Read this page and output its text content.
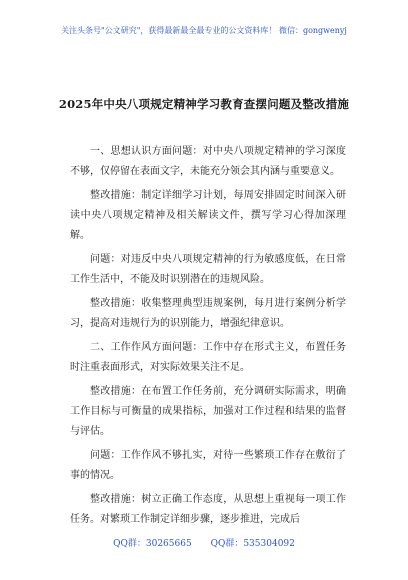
关注头条号"公文研究"，获得最新最全最专业的公文资料库！ 微信：gongwenyj
2025年中央八项规定精神学习教育查摆问题及整改措施

一、思想认识方面问题：对中央八项规定精神的学习深度不够，仅停留在表面文字，未能充分领会其内涵与重要意义。

整改措施：制定详细学习计划，每周安排固定时间深入研读中央八项规定精神及相关解读文件，撰写学习心得加深理解。

问题：对违反中央八项规定精神的行为敏感度低，在日常工作生活中，不能及时识别潜在的违规风险。

整改措施：收集整理典型违规案例，每月进行案例分析学习，提高对违规行为的识别能力，增强纪律意识。

二、工作作风方面问题：工作中存在形式主义，布置任务时注重表面形式，对实际效果关注不足。

整改措施：在布置工作任务前，充分调研实际需求，明确工作目标与可衡量的成果指标，加强对工作过程和结果的监督与评估。

问题：工作作风不够扎实，对待一些繁琐工作存在敷衍了事的情况。

整改措施：树立正确工作态度，从思想上重视每一项工作任务。对繁琐工作制定详细步骤，逐步推进，完成后

QQ群：30265665 QQ群：535304092
